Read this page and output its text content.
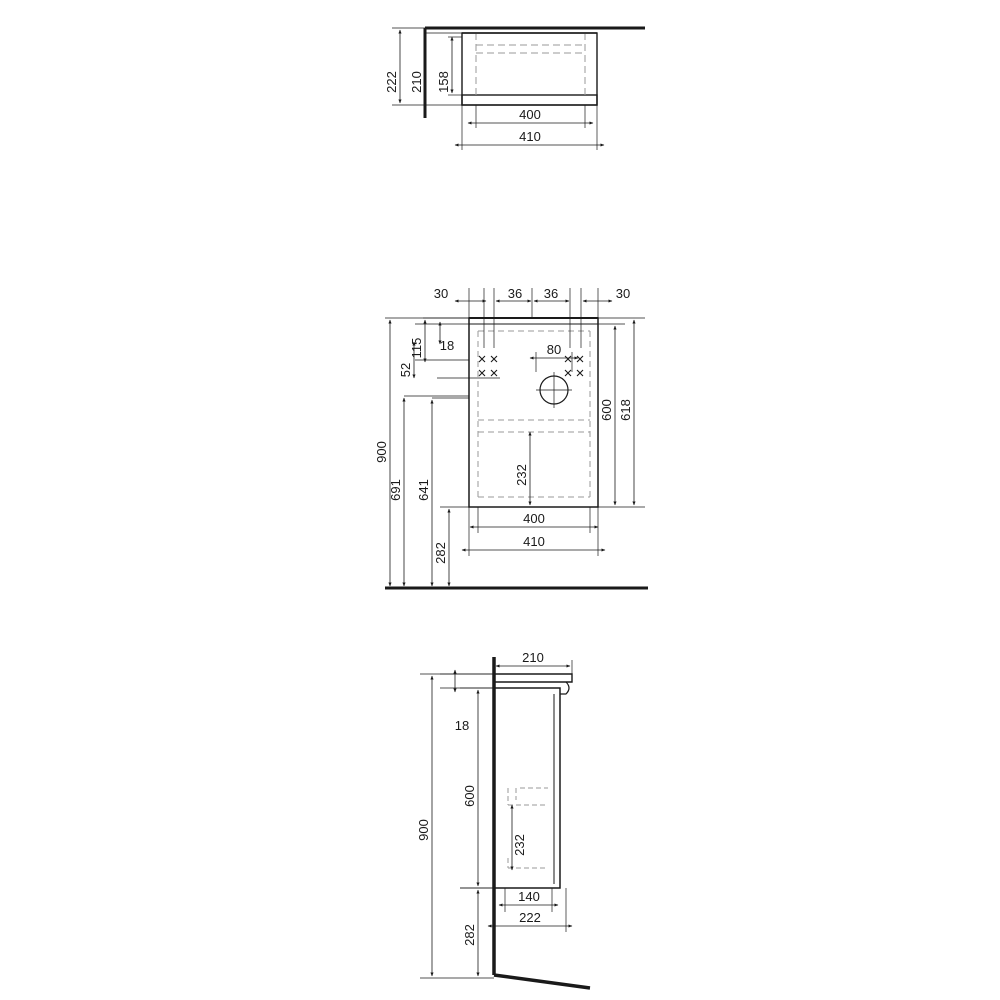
222 210 158
400
410
30	36 36	30
80
115 18
52
232
900
691 641
282
600 618
400
410
210
18
900
600
232
282
140
222
